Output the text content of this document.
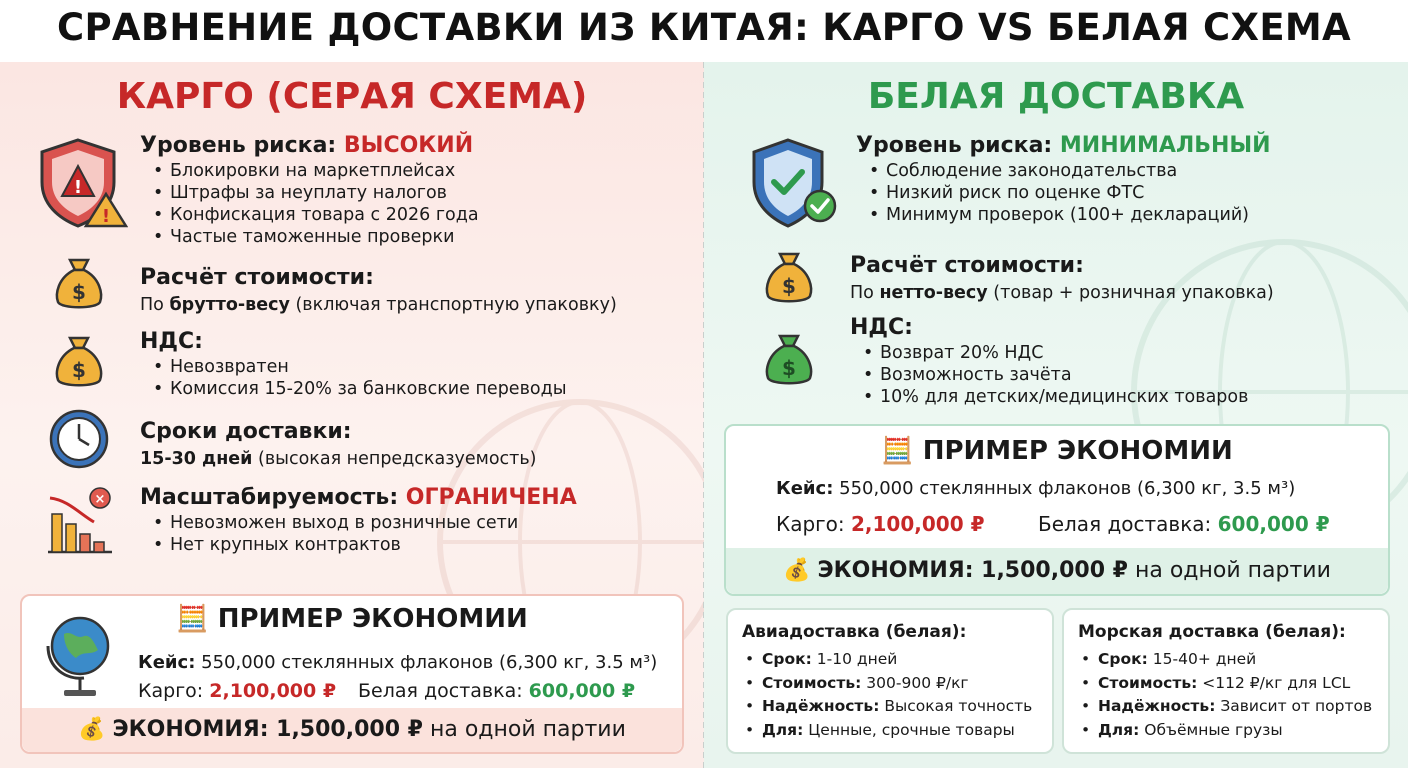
СРАВНЕНИЕ ДОСТАВКИ ИЗ КИТАЯ: КАРГО VS БЕЛАЯ СХЕМА
КАРГО (СЕРАЯ СХЕМА)
!
!
Уровень риска: ВЫСОКИЙ
• Блокировки на маркетплейсах
• Штрафы за неуплату налогов
• Конфискация товара с 2026 года
• Частые таможенные проверки
$
Расчёт стоимости:
По брутто-весу (включая транспортную упаковку)
$
НДС:
• Невозвратен
• Комиссия 15-20% за банковские переводы
Сроки доставки:
15-30 дней (высокая непредсказуемость)
× Масштабируемость: ОГРАНИЧЕНА
• Невозможен выход в розничные сети
• Нет крупных контрактов
🧮 ПРИМЕР ЭКОНОМИИ
Кейс: 550,000 стеклянных флаконов (6,300 кг, 3.5 м³)
Карго: 2,100,000 ₽ Белая доставка: 600,000 ₽
💰 ЭКОНОМИЯ: 1,500,000 ₽ на одной партии
БЕЛАЯ ДОСТАВКА
Уровень риска: МИНИМАЛЬНЫЙ
• Соблюдение законодательства
• Низкий риск по оценке ФТС
• Минимум проверок (100+ деклараций)
$
Расчёт стоимости:
По нетто-весу (товар + розничная упаковка)
$
НДС:
• Возврат 20% НДС
• Возможность зачёта
• 10% для детских/медицинских товаров
🧮 ПРИМЕР ЭКОНОМИИ
Кейс: 550,000 стеклянных флаконов (6,300 кг, 3.5 м³)
Карго: 2,100,000 ₽	Белая доставка: 600,000 ₽
💰 ЭКОНОМИЯ: 1,500,000 ₽ на одной партии
Авиадоставка (белая):
• Срок: 1-10 дней
• Стоимость: 300-900 ₽/кг
• Надёжность: Высокая точность
• Для: Ценные, срочные товары
Морская доставка (белая):
• Срок: 15-40+ дней
• Стоимость: <112 ₽/кг для LCL
• Надёжность: Зависит от портов
• Для: Объёмные грузы
